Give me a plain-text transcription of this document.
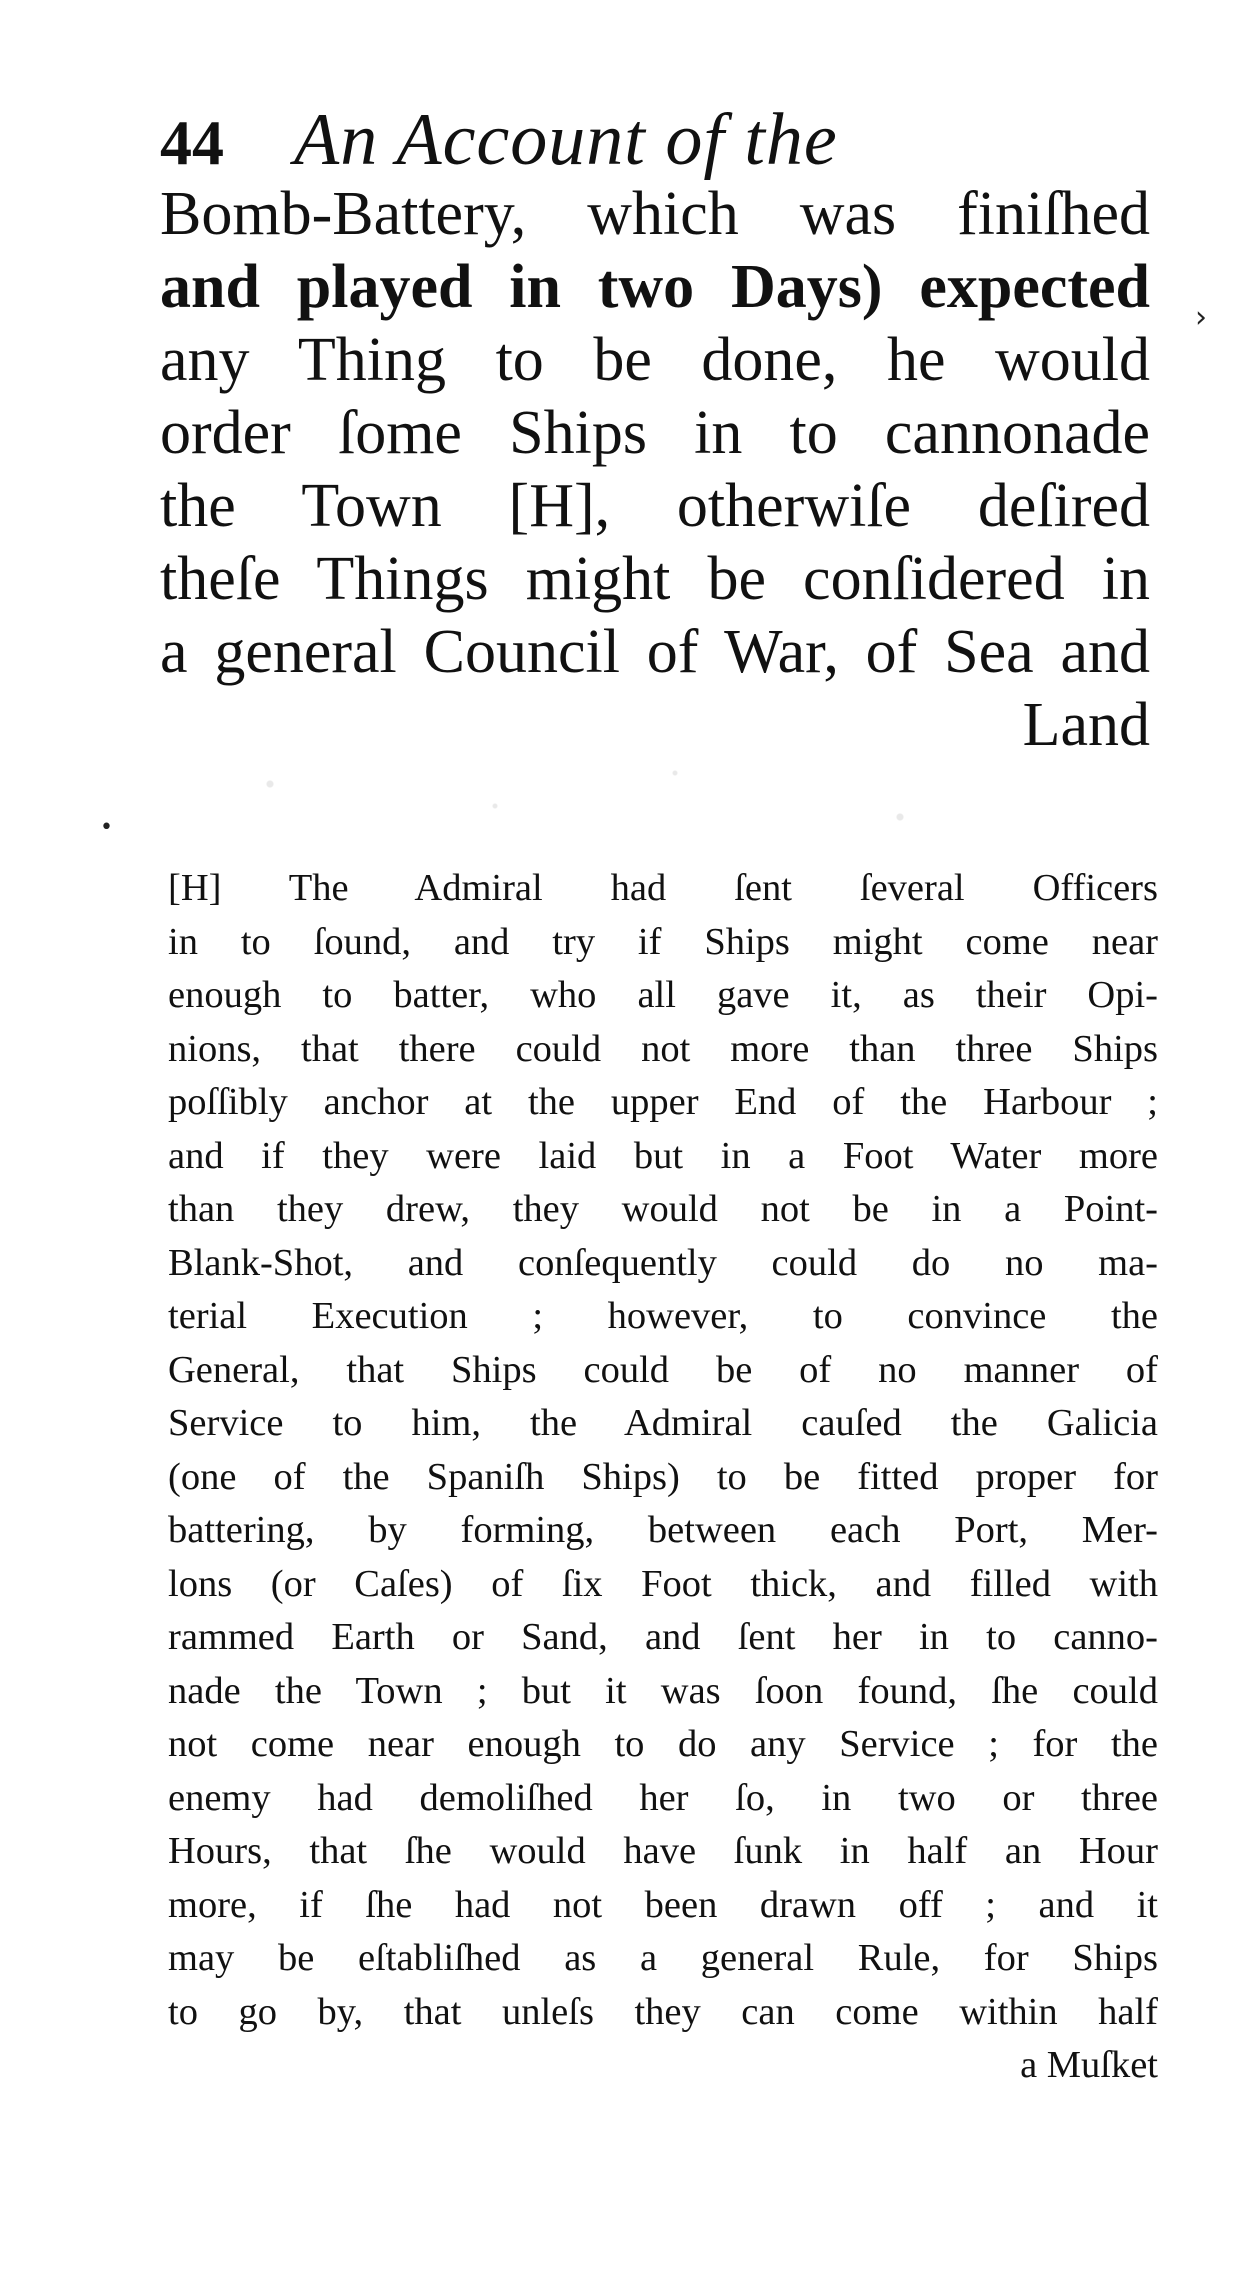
44 An Account of the
Bomb-Battery, which was finiſhed
and played in two Days) expected
any Thing to be done, he would
order ſome Ships in to cannonade
the Town [H], otherwiſe deſired
theſe Things might be conſidered in
a general Council of War, of Sea and
Land
[H] The Admiral had ſent ſeveral Officers
in to ſound, and try if Ships might come near
enough to batter, who all gave it, as their Opi-
nions, that there could not more than three Ships
poſſibly anchor at the upper End of the Harbour ;
and if they were laid but in a Foot Water more
than they drew, they would not be in a Point-
Blank-Shot, and conſequently could do no ma-
terial Execution ; however, to convince the
General, that Ships could be of no manner of
Service to him, the Admiral cauſed the Galicia
(one of the Spaniſh Ships) to be fitted proper for
battering, by forming, between each Port, Mer-
lons (or Caſes) of ſix Foot thick, and filled with
rammed Earth or Sand, and ſent her in to canno-
nade the Town ; but it was ſoon found, ſhe could
not come near enough to do any Service ; for the
enemy had demoliſhed her ſo, in two or three
Hours, that ſhe would have ſunk in half an Hour
more, if ſhe had not been drawn off ; and it
may be eſtabliſhed as a general Rule, for Ships
to go by, that unleſs they can come within half
a Muſket
›
•
